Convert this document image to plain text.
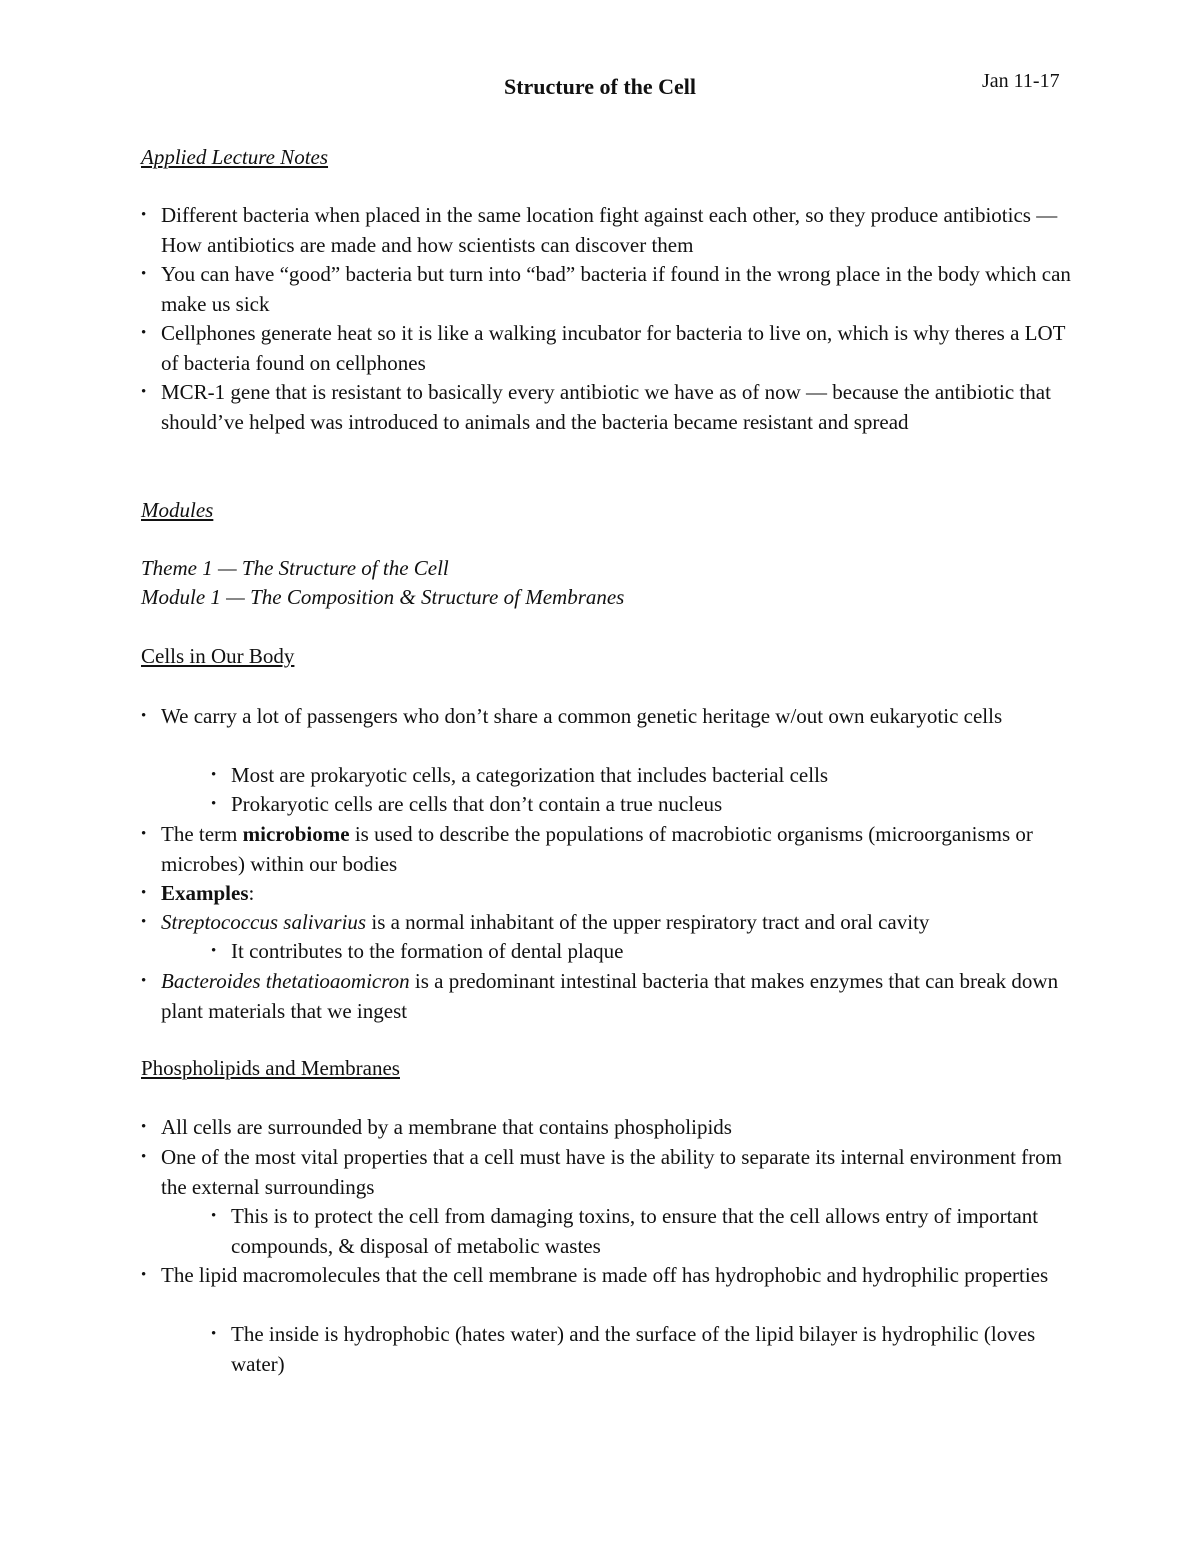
Structure of the Cell	Jan 11-17
Applied Lecture Notes
• Different bacteria when placed in the same location fight against each other, so they produce antibiotics — How antibiotics are made and how scientists can discover them
• You can have “good” bacteria but turn into “bad” bacteria if found in the wrong place in the body which can make us sick
• Cellphones generate heat so it is like a walking incubator for bacteria to live on, which is why theres a LOT of bacteria found on cellphones
• MCR-1 gene that is resistant to basically every antibiotic we have as of now — because the antibiotic that should’ve helped was introduced to animals and the bacteria became resistant and spread
Modules
Theme 1 — The Structure of the Cell
Module 1 — The Composition & Structure of Membranes
Cells in Our Body
• We carry a lot of passengers who don’t share a common genetic heritage w/out own eukaryotic cells
• Most are prokaryotic cells, a categorization that includes bacterial cells
• Prokaryotic cells are cells that don’t contain a true nucleus
• The term microbiome is used to describe the populations of macrobiotic organisms (microorganisms or microbes) within our bodies
• Examples:
• Streptococcus salivarius is a normal inhabitant of the upper respiratory tract and oral cavity
• It contributes to the formation of dental plaque
• Bacteroides thetatioaomicron is a predominant intestinal bacteria that makes enzymes that can break down plant materials that we ingest
Phospholipids and Membranes
• All cells are surrounded by a membrane that contains phospholipids
• One of the most vital properties that a cell must have is the ability to separate its internal environment from the external surroundings
• This is to protect the cell from damaging toxins, to ensure that the cell allows entry of important compounds, & disposal of metabolic wastes
• The lipid macromolecules that the cell membrane is made off has hydrophobic and hydrophilic properties
• The inside is hydrophobic (hates water) and the surface of the lipid bilayer is hydrophilic (loves water)
